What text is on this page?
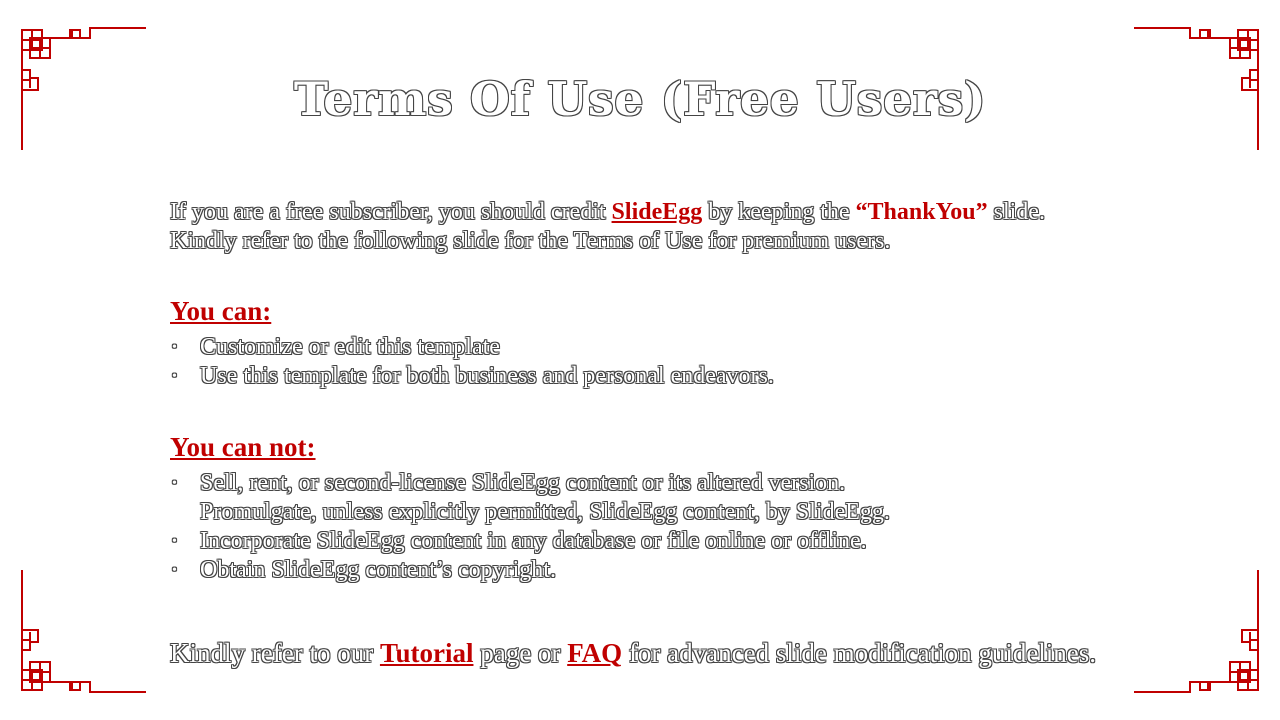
Terms Of Use (Free Users)
If you are a free subscriber, you should credit SlideEgg by keeping the “ThankYou” slide.
Kindly refer to the following slide for the Terms of Use for premium users.
You can:
• Customize or edit this template
• Use this template for both business and personal endeavors.
You can not:
• Sell, rent, or second-license SlideEgg content or its altered version.
Promulgate, unless explicitly permitted, SlideEgg content, by SlideEgg.
• Incorporate SlideEgg content in any database or file online or offline.
• Obtain SlideEgg content’s copyright.
Kindly refer to our Tutorial page or FAQ for advanced slide modification guidelines.
